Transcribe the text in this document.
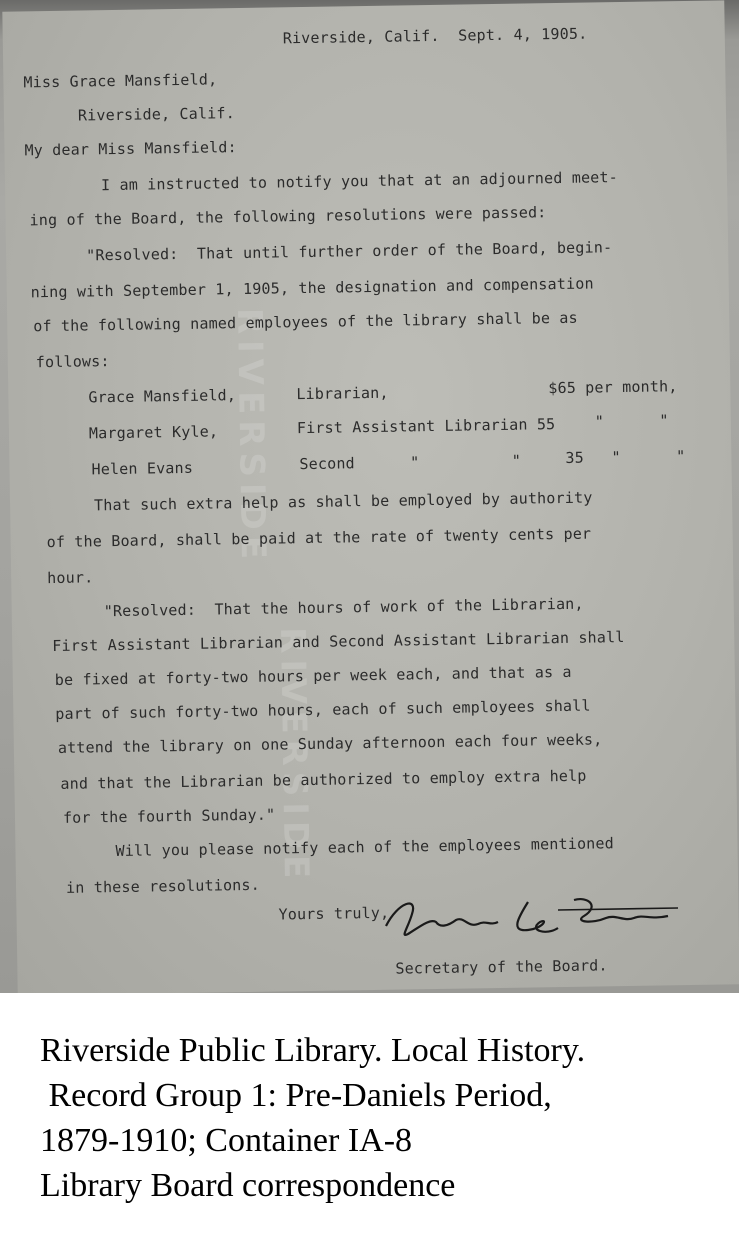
RIVERSIDE
RIVERSIDE
Riverside, Calif.  Sept. 4, 1905.
Miss Grace Mansfield,
Riverside, Calif.
My dear Miss Mansfield:
I am instructed to notify you that at an adjourned meet-
ing of the Board, the following resolutions were passed:
"Resolved:  That until further order of the Board, begin-
ning with September 1, 1905, the designation and compensation
of the following named employees of the library shall be as
follows:
Grace Mansfield,	Librarian,	$65 per month,
Margaret Kyle,	First Assistant Librarian 55	"      "
Helen Evans	Second      "          "	35   "      "
That such extra help as shall be employed by authority
of the Board, shall be paid at the rate of twenty cents per
hour.
"Resolved:  That the hours of work of the Librarian,
First Assistant Librarian and Second Assistant Librarian shall
be fixed at forty-two hours per week each, and that as a
part of such forty-two hours, each of such employees shall
attend the library on one Sunday afternoon each four weeks,
and that the Librarian be authorized to employ extra help
for the fourth Sunday."
Will you please notify each of the employees mentioned
in these resolutions.
Yours truly,
Secretary of the Board.
Riverside Public Library. Local History.
Record Group 1: Pre-Daniels Period,
1879-1910; Container IA-8
Library Board correspondence
